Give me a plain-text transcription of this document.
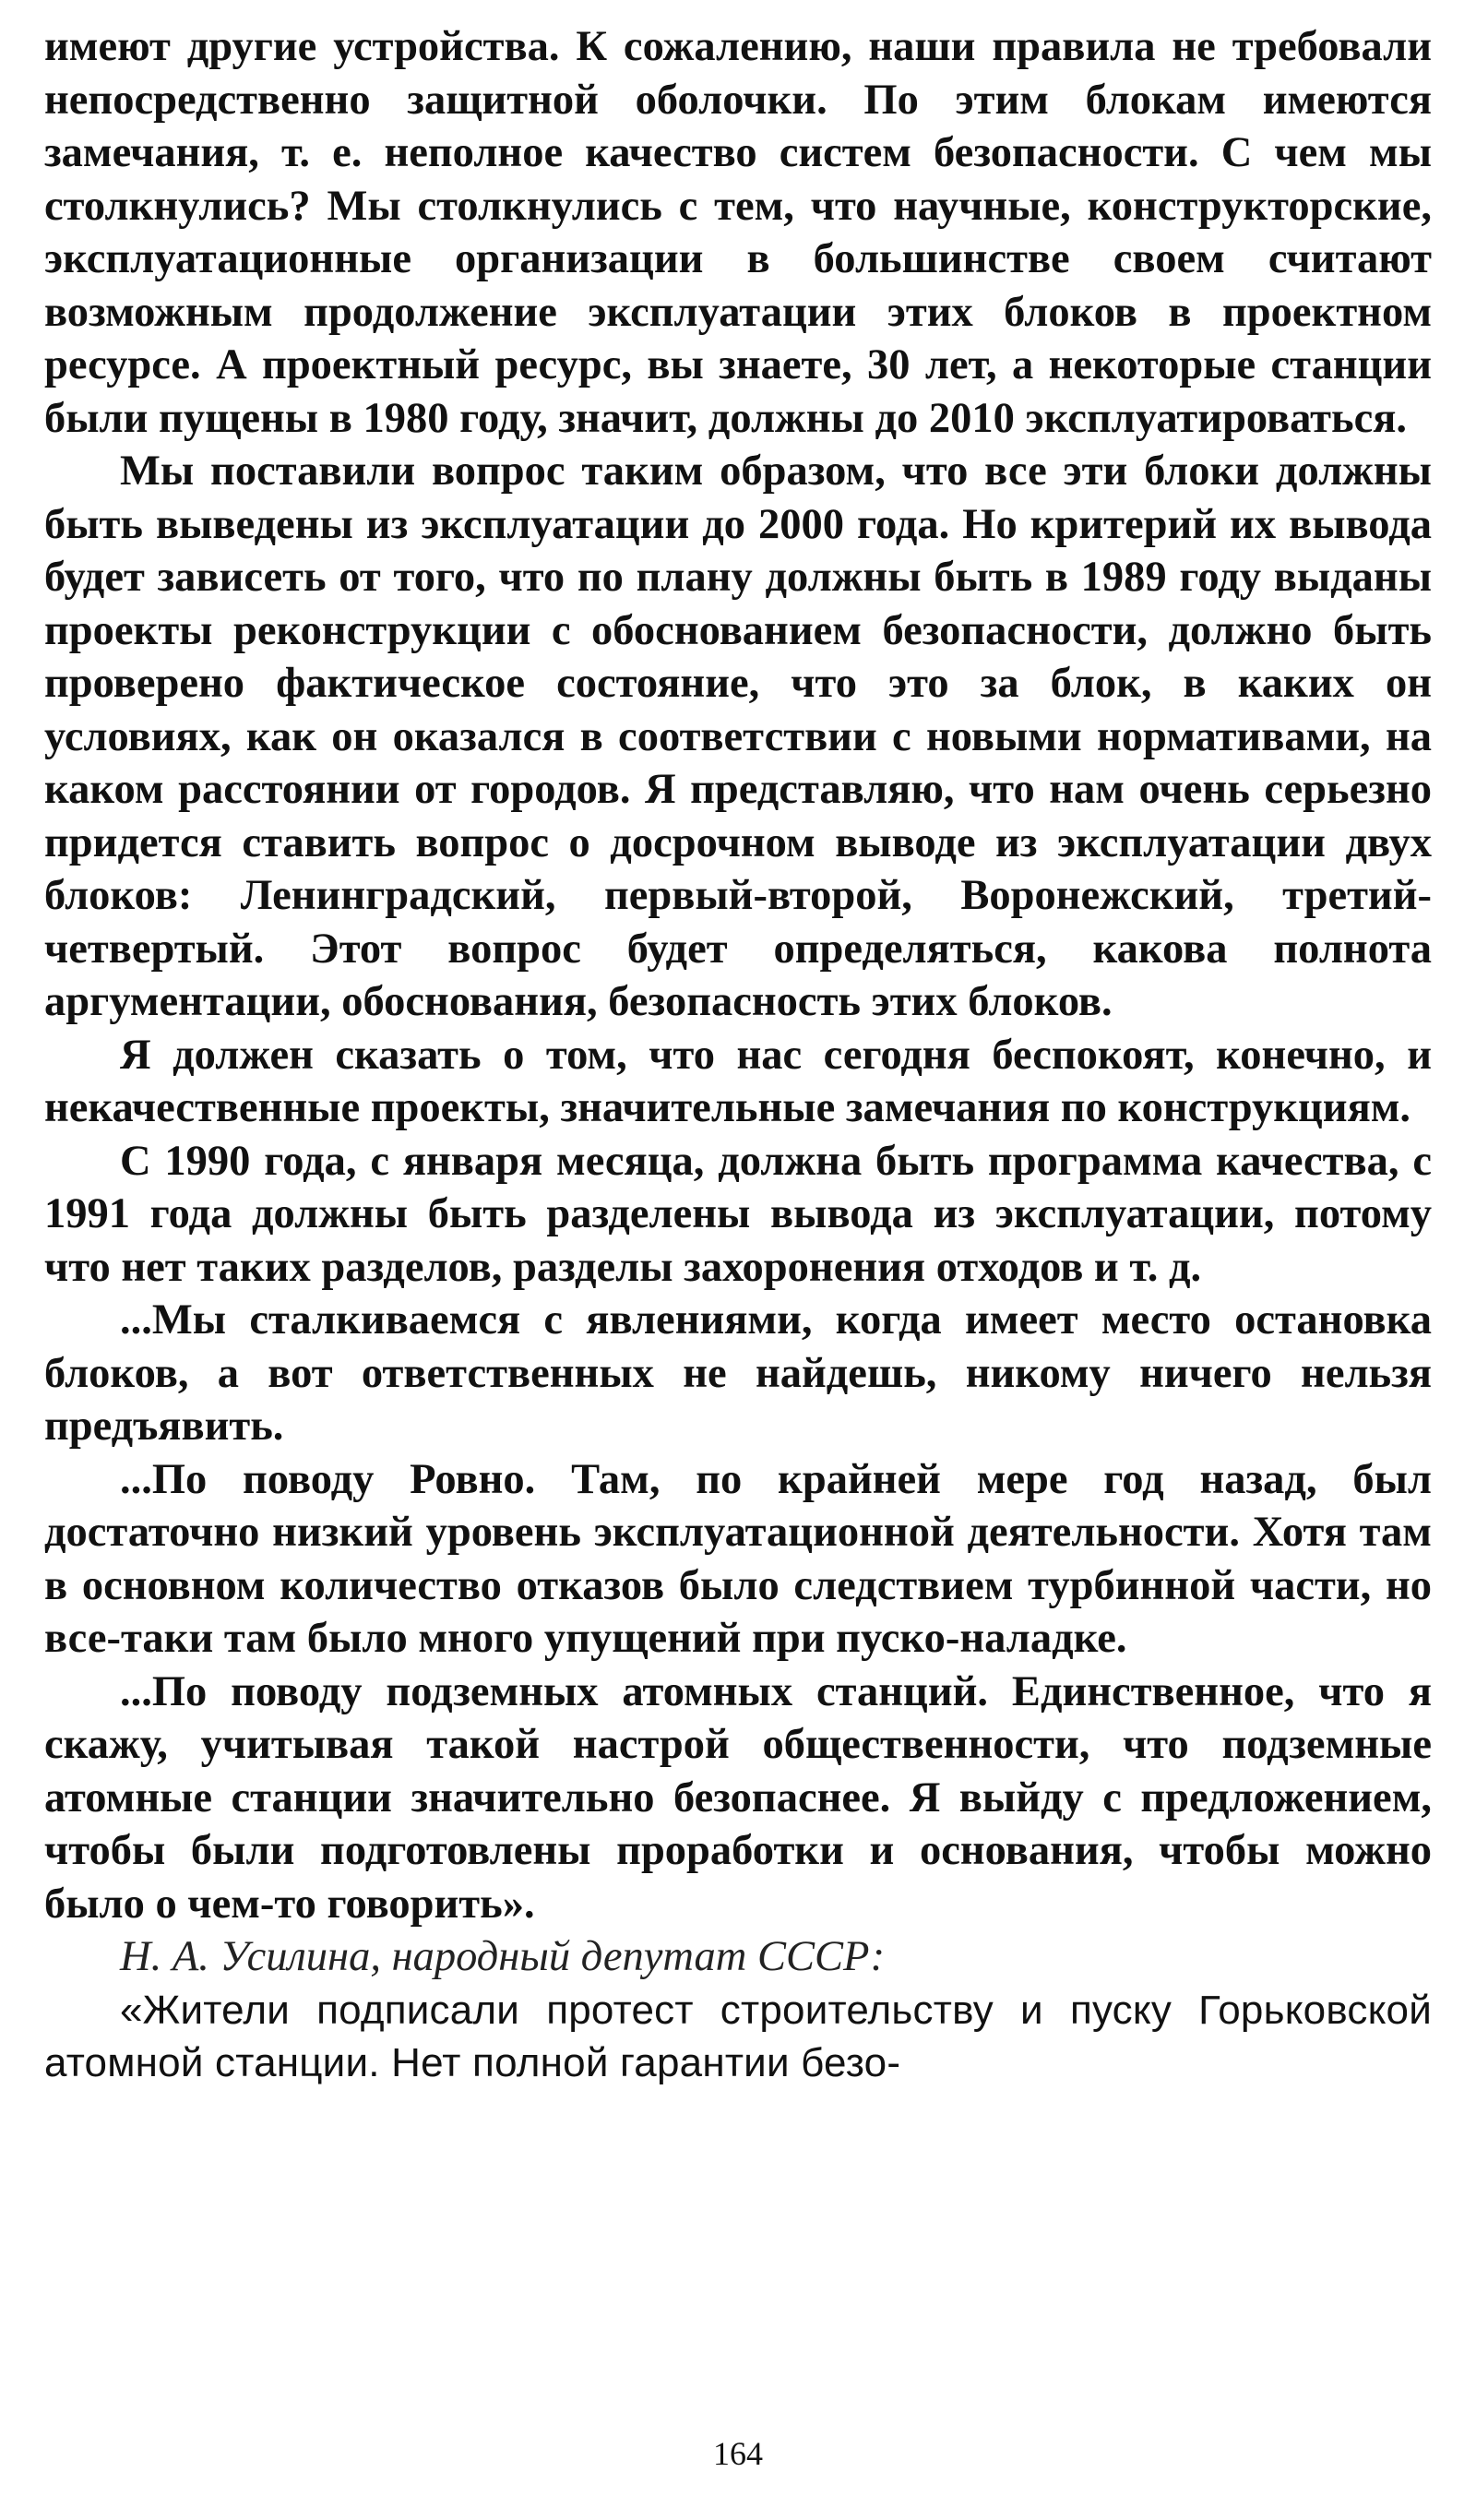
имеют другие устройства. К сожалению, наши правила не требовали непосредственно защитной оболочки. По этим блокам имеются замечания, т. е. неполное качество систем безопасности. С чем мы столкнулись? Мы столкнулись с тем, что научные, конструкторские, эксплуатационные организации в большинстве своем считают возможным продолжение эксплуатации этих блоков в проектном ресурсе. А проектный ресурс, вы знаете, 30 лет, а некоторые станции были пущены в 1980 году, значит, должны до 2010 эксплуатироваться.

Мы поставили вопрос таким образом, что все эти блоки должны быть выведены из эксплуатации до 2000 года. Но критерий их вывода будет зависеть от того, что по плану должны быть в 1989 году выданы проекты реконструкции с обоснованием безопасности, должно быть проверено фактическое состояние, что это за блок, в каких он условиях, как он оказался в соответствии с новыми нормативами, на каком расстоянии от городов. Я представляю, что нам очень серьезно придется ставить вопрос о досрочном выводе из эксплуатации двух блоков: Ленинградский, первый-второй, Воронежский, третий-четвертый. Этот вопрос будет определяться, какова полнота аргументации, обоснования, безопасность этих блоков.

Я должен сказать о том, что нас сегодня беспокоят, конечно, и некачественные проекты, значительные замечания по конструкциям.

С 1990 года, с января месяца, должна быть программа качества, с 1991 года должны быть разделены вывода из эксплуатации, потому что нет таких разделов, разделы захоронения отходов и т. д.

...Мы сталкиваемся с явлениями, когда имеет место остановка блоков, а вот ответственных не найдешь, никому ничего нельзя предъявить.

...По поводу Ровно. Там, по крайней мере год назад, был достаточно низкий уровень эксплуатационной деятельности. Хотя там в основном количество отказов было следствием турбинной части, но все-таки там было много упущений при пуско-наладке.

...По поводу подземных атомных станций. Единственное, что я скажу, учитывая такой настрой общественности, что подземные атомные станции значительно безопаснее. Я выйду с предложением, чтобы были подготовлены проработки и основания, чтобы можно было о чем-то говорить».

Н. А. Усилина, народный депутат СССР:

«Жители подписали протест строительству и пуску Горьковской атомной станции. Нет полной гарантии безо-

164
